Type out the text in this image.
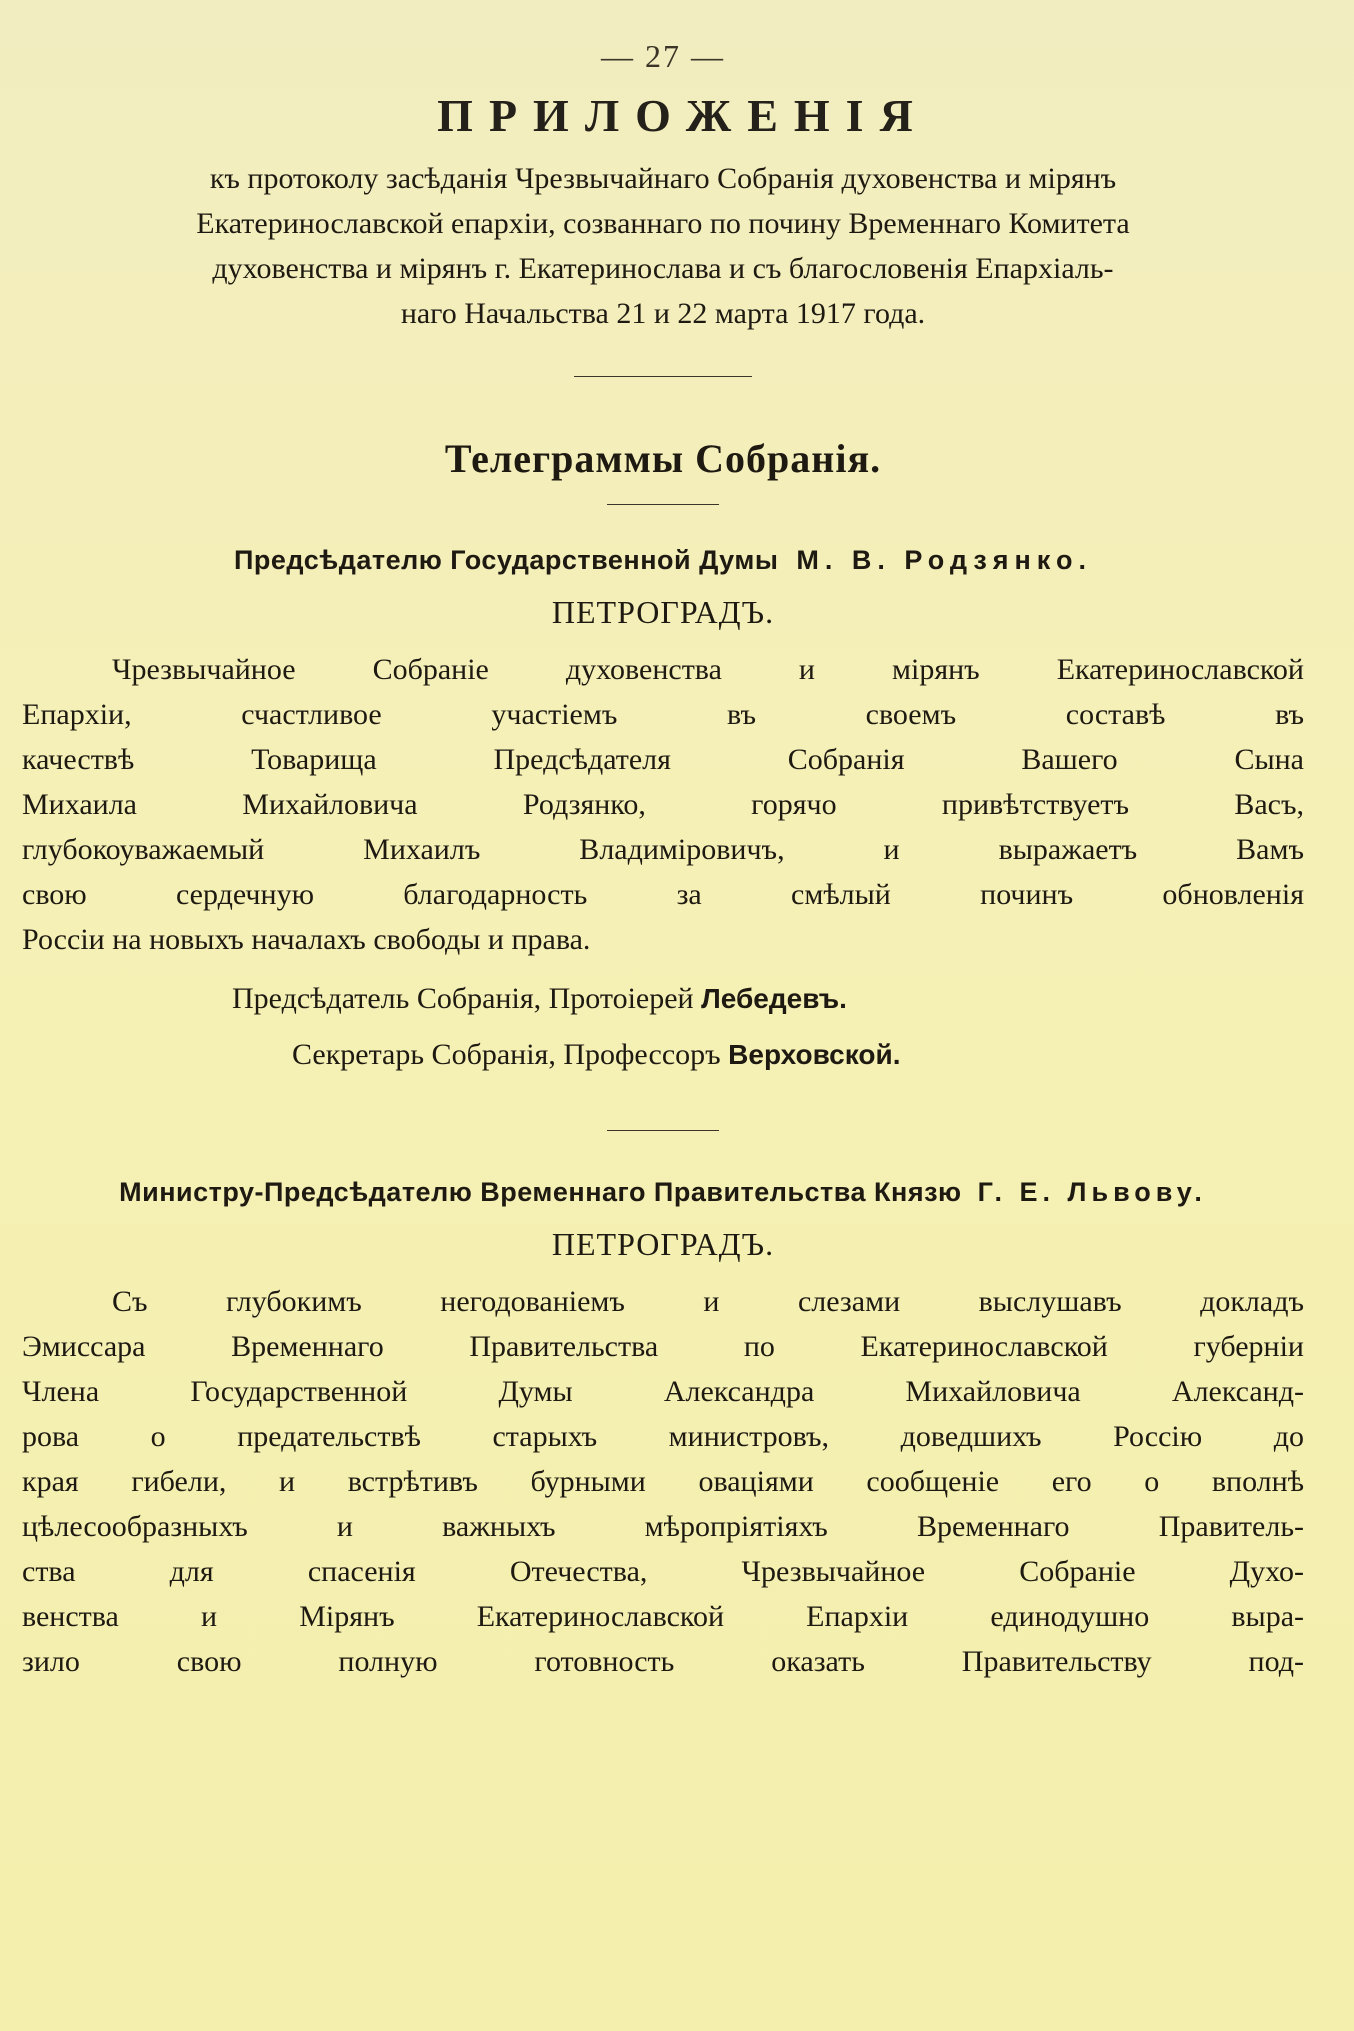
— 27 —
ПРИЛОЖЕНІЯ
къ протоколу засѣданія Чрезвычайнаго Собранія духовенства и мірянъ
Екатеринославской епархіи, созваннаго по почину Временнаго Комитета
духовенства и мірянъ г. Екатеринослава и съ благословенія Епархіаль-
наго Начальства 21 и 22 марта 1917 года.
Телеграммы Собранія.
Предсѣдателю Государственной Думы М. В. Родзянко.
ПЕТРОГРАДЪ.
Чрезвычайное Собраніе духовенства и мірянъ Екатеринославской
Епархіи, счастливое участіемъ въ своемъ составѣ въ
качествѣ Товарища Предсѣдателя Собранія Вашего Сына
Михаила Михайловича Родзянко, горячо привѣтствуетъ Васъ,
глубокоуважаемый Михаилъ Владиміровичъ, и выражаетъ Вамъ
свою сердечную благодарность за смѣлый починъ обновленія
Россіи на новыхъ началахъ свободы и права.
Предсѣдатель Собранія, Протоіерей Лебедевъ.
Секретарь Собранія, Профессоръ Верховской.
Министру-Предсѣдателю Временнаго Правительства Князю Г. Е. Львову.
ПЕТРОГРАДЪ.
Съ глубокимъ негодованіемъ и слезами выслушавъ докладъ
Эмиссара Временнаго Правительства по Екатеринославской губерніи
Члена Государственной Думы Александра Михайловича Александ-
рова о предательствѣ старыхъ министровъ, доведшихъ Россію до
края гибели, и встрѣтивъ бурными оваціями сообщеніе его о вполнѣ
цѣлесообразныхъ и важныхъ мѣропріятіяхъ Временнаго Правитель-
ства для спасенія Отечества, Чрезвычайное Собраніе Духо-
венства и Мірянъ Екатеринославской Епархіи единодушно выра-
зило свою полную готовность оказать Правительству под-
